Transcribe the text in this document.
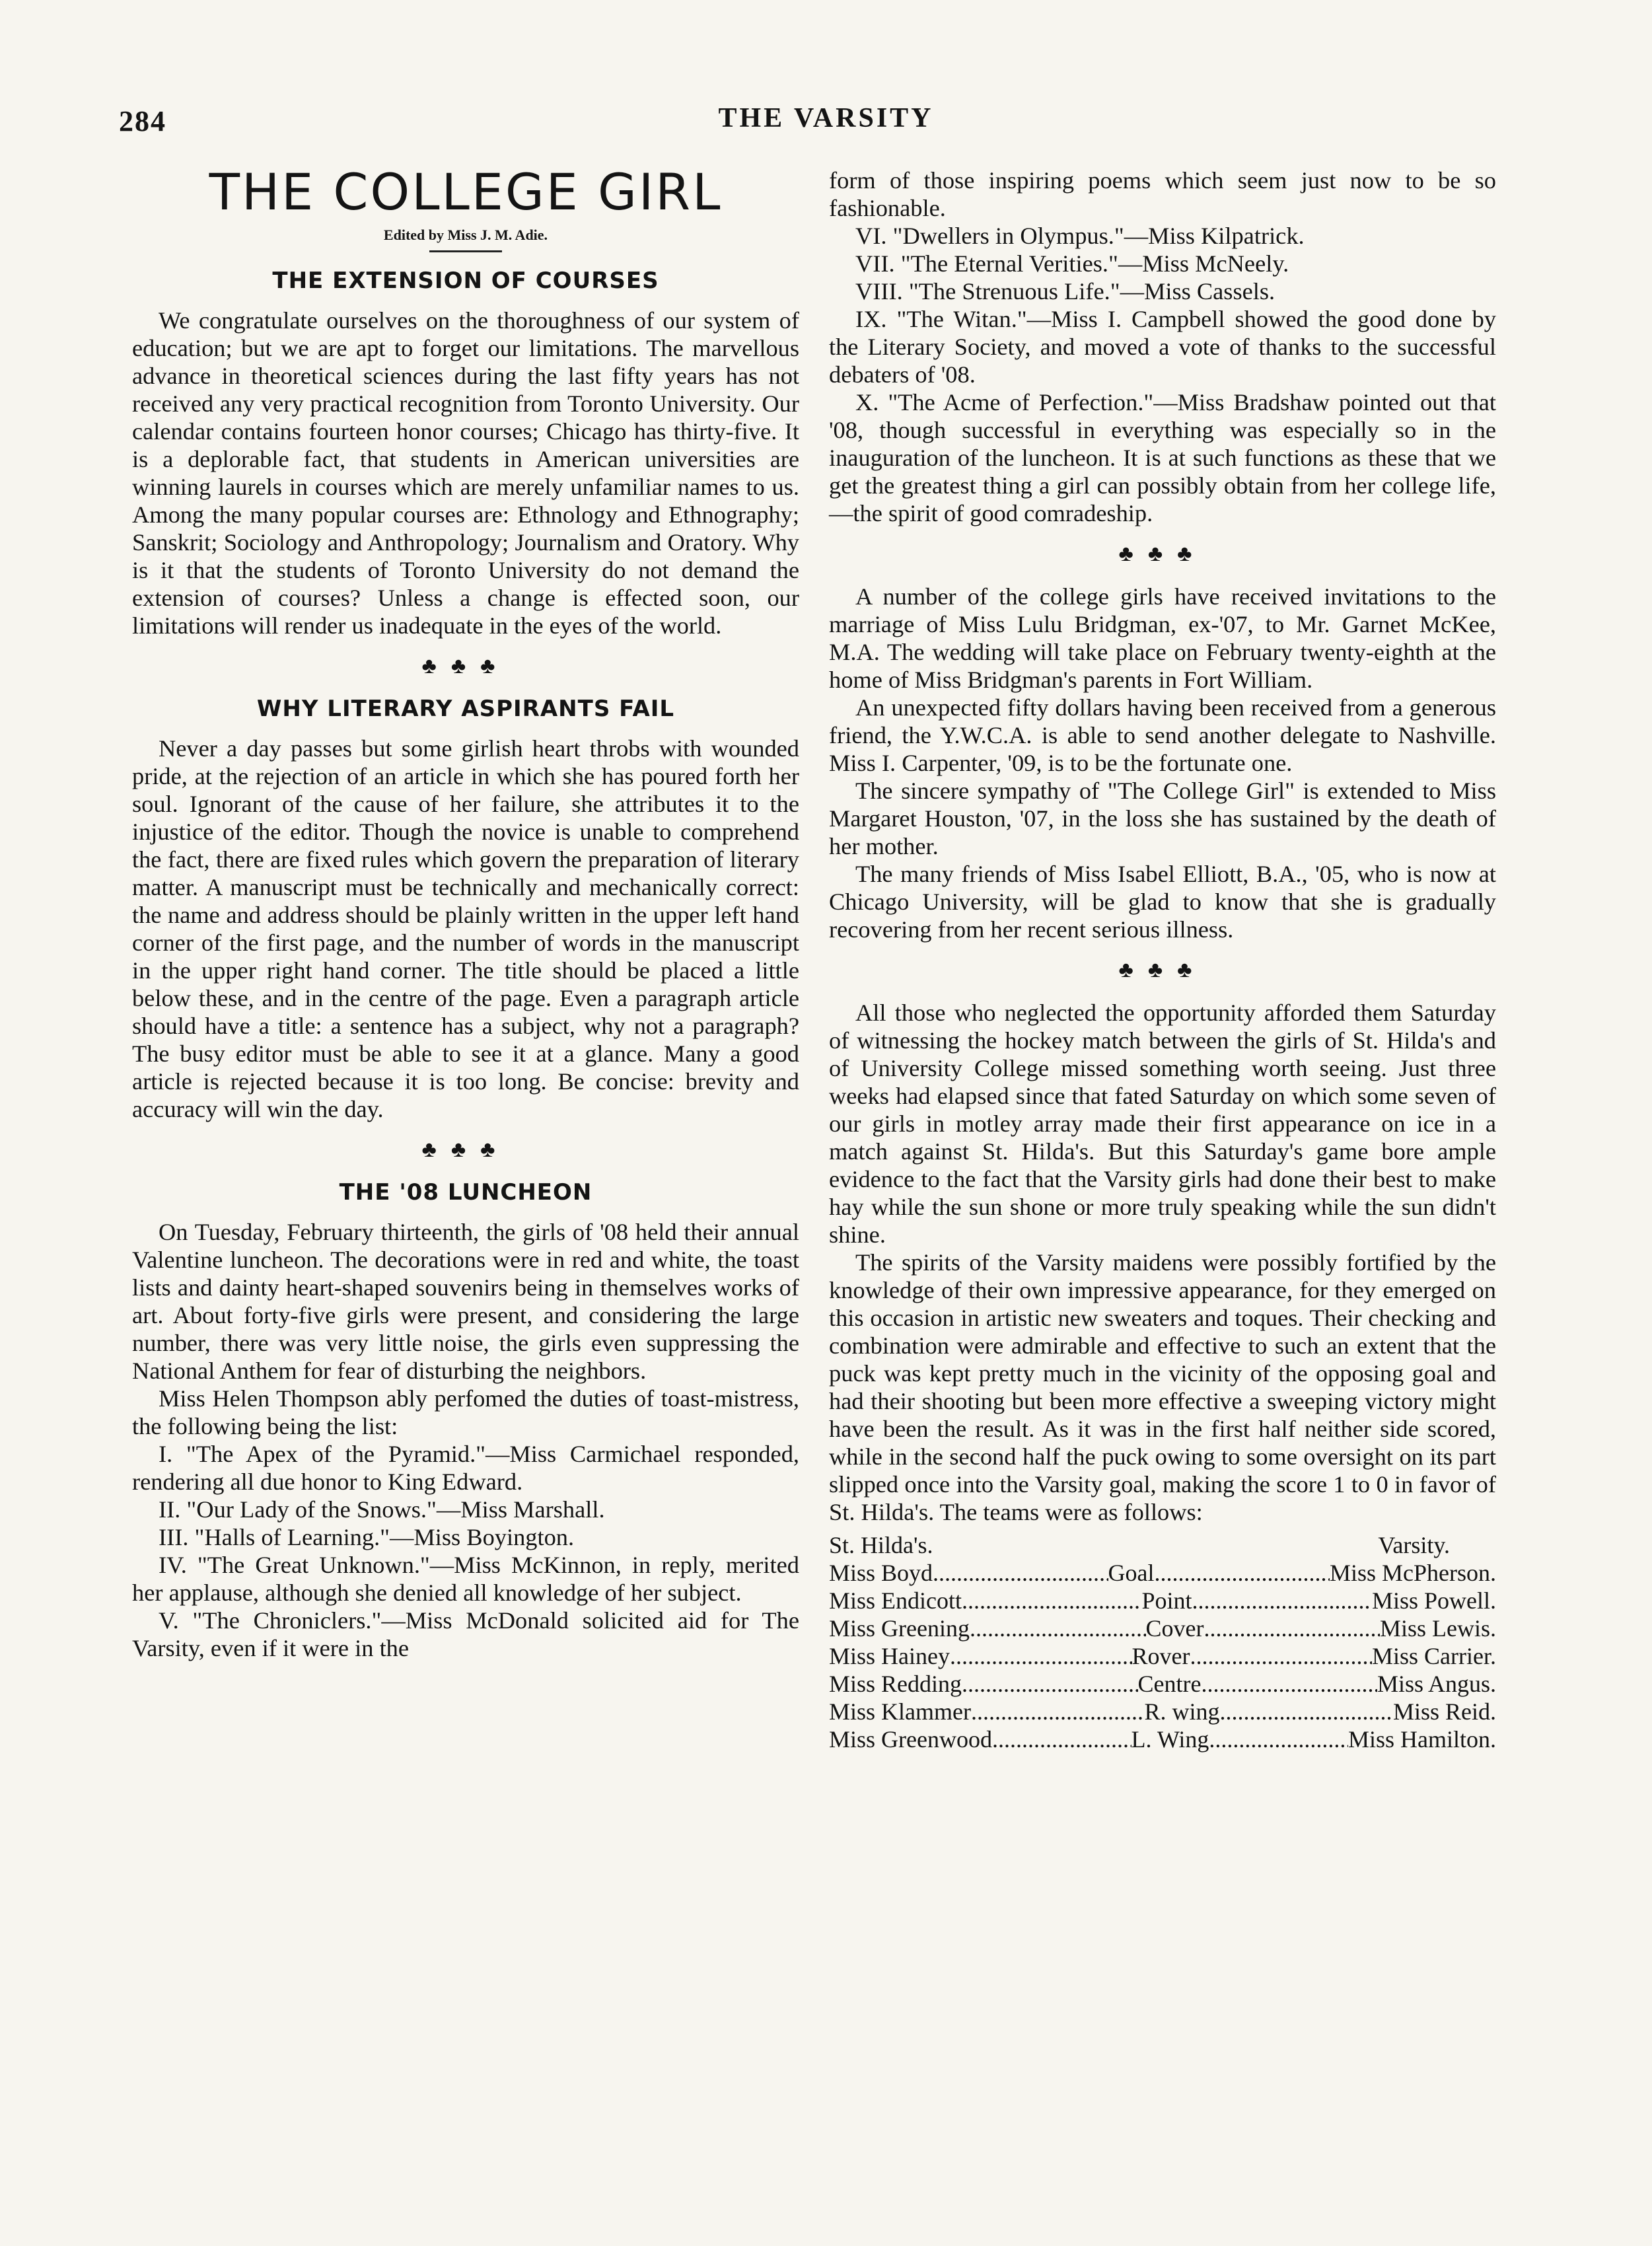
284	THE VARSITY
THE COLLEGE GIRL
Edited by Miss J. M. Adie.
THE EXTENSION OF COURSES

We congratulate ourselves on the thoroughness of our system of education; but we are apt to forget our limitations. The marvellous advance in theoretical sciences during the last fifty years has not received any very practical recognition from Toronto University. Our calendar contains fourteen honor courses; Chicago has thirty-five. It is a deplorable fact, that students in American universities are winning laurels in courses which are merely unfamiliar names to us. Among the many popular courses are: Ethnology and Ethnography; Sanskrit; Sociology and Anthropology; Journalism and Oratory. Why is it that the students of Toronto University do not demand the extension of courses? Unless a change is effected soon, our limitations will render us inadequate in the eyes of the world.

♣♣♣
WHY LITERARY ASPIRANTS FAIL

Never a day passes but some girlish heart throbs with wounded pride, at the rejection of an article in which she has poured forth her soul. Ignorant of the cause of her failure, she attributes it to the injustice of the editor. Though the novice is unable to comprehend the fact, there are fixed rules which govern the preparation of literary matter. A manuscript must be technically and mechanically correct: the name and address should be plainly written in the upper left hand corner of the first page, and the number of words in the manuscript in the upper right hand corner. The title should be placed a little below these, and in the centre of the page. Even a paragraph article should have a title: a sentence has a subject, why not a paragraph? The busy editor must be able to see it at a glance. Many a good article is rejected because it is too long. Be concise: brevity and accuracy will win the day.

♣♣♣
THE '08 LUNCHEON

On Tuesday, February thirteenth, the girls of '08 held their annual Valentine luncheon. The decorations were in red and white, the toast lists and dainty heart-shaped souvenirs being in themselves works of art. About forty-five girls were present, and considering the large number, there was very little noise, the girls even suppressing the National Anthem for fear of disturbing the neighbors.

Miss Helen Thompson ably perfomed the duties of toast-mistress, the following being the list:

I. "The Apex of the Pyramid."—Miss Carmichael responded, rendering all due honor to King Edward.

II. "Our Lady of the Snows."—Miss Marshall.

III. "Halls of Learning."—Miss Boyington.

IV. "The Great Unknown."—Miss McKinnon, in reply, merited her applause, although she denied all knowledge of her subject.

V. "The Chroniclers."—Miss McDonald solicited aid for The Varsity, even if it were in the

form of those inspiring poems which seem just now to be so fashionable.

VI. "Dwellers in Olympus."—Miss Kilpatrick.

VII. "The Eternal Verities."—Miss McNeely.

VIII. "The Strenuous Life."—Miss Cassels.

IX. "The Witan."—Miss I. Campbell showed the good done by the Literary Society, and moved a vote of thanks to the successful debaters of '08.

X. "The Acme of Perfection."—Miss Bradshaw pointed out that '08, though successful in everything was especially so in the inauguration of the luncheon. It is at such functions as these that we get the greatest thing a girl can possibly obtain from her college life,—the spirit of good comradeship.

♣♣♣

A number of the college girls have received invitations to the marriage of Miss Lulu Bridgman, ex-'07, to Mr. Garnet McKee, M.A. The wedding will take place on February twenty-eighth at the home of Miss Bridgman's parents in Fort William.

An unexpected fifty dollars having been received from a generous friend, the Y.W.C.A. is able to send another delegate to Nashville. Miss I. Carpenter, '09, is to be the fortunate one.

The sincere sympathy of "The College Girl" is extended to Miss Margaret Houston, '07, in the loss she has sustained by the death of her mother.

The many friends of Miss Isabel Elliott, B.A., '05, who is now at Chicago University, will be glad to know that she is gradually recovering from her recent serious illness.

♣♣♣

All those who neglected the opportunity afforded them Saturday of witnessing the hockey match between the girls of St. Hilda's and of University College missed something worth seeing. Just three weeks had elapsed since that fated Saturday on which some seven of our girls in motley array made their first appearance on ice in a match against St. Hilda's. But this Saturday's game bore ample evidence to the fact that the Varsity girls had done their best to make hay while the sun shone or more truly speaking while the sun didn't shine.

The spirits of the Varsity maidens were possibly fortified by the knowledge of their own impressive appearance, for they emerged on this occasion in artistic new sweaters and toques. Their checking and combination were admirable and effective to such an extent that the puck was kept pretty much in the vicinity of the opposing goal and had their shooting but been more effective a sweeping victory might have been the result. As it was in the first half neither side scored, while in the second half the puck owing to some oversight on its part slipped once into the Varsity goal, making the score 1 to 0 in favor of St. Hilda's. The teams were as follows:

St. Hilda's.	Varsity.
Miss Boyd .....	Goal .....	Miss McPherson.
Miss Endicott .....	Point .....	Miss Powell.
Miss Greening .....	Cover .....	Miss Lewis.
Miss Hainey .....	Rover .....	Miss Carrier.
Miss Redding .....	Centre .....	Miss Angus.
Miss Klammer .....	R. wing .....	Miss Reid.
Miss Greenwood .....	L. Wing .....	Miss Hamilton.
